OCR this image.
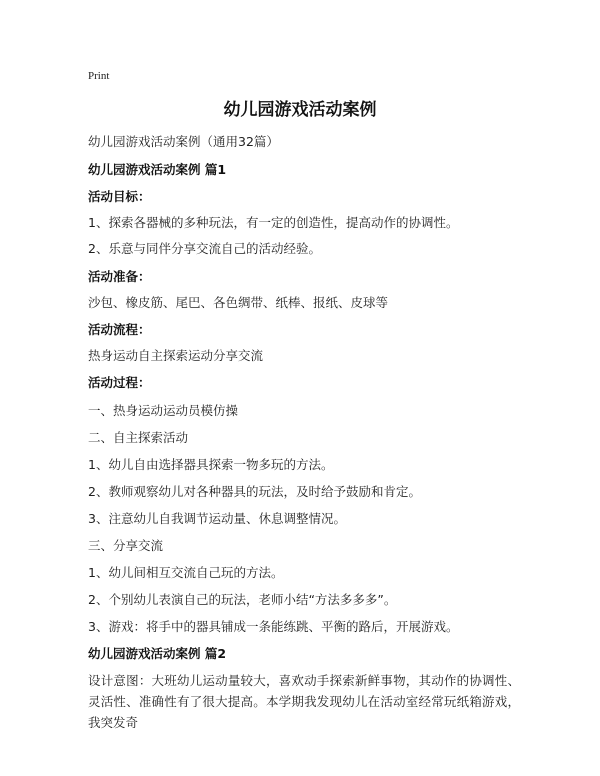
Print
幼儿园游戏活动案例
幼儿园游戏活动案例（通用32篇）
幼儿园游戏活动案例 篇1
活动目标：
1、探索各器械的多种玩法，有一定的创造性，提高动作的协调性。
2、乐意与同伴分享交流自己的活动经验。
活动准备：
沙包、橡皮筋、尾巴、各色绸带、纸棒、报纸、皮球等
活动流程：
热身运动自主探索运动分享交流
活动过程：
一、热身运动运动员模仿操
二、自主探索活动
1、幼儿自由选择器具探索一物多玩的方法。
2、教师观察幼儿对各种器具的玩法，及时给予鼓励和肯定。
3、注意幼儿自我调节运动量、休息调整情况。
三、分享交流
1、幼儿间相互交流自己玩的方法。
2、个别幼儿表演自己的玩法，老师小结“方法多多多”。
3、游戏：将手中的器具铺成一条能练跳、平衡的路后，开展游戏。
幼儿园游戏活动案例 篇2
设计意图：大班幼儿运动量较大，喜欢动手探索新鲜事物，其动作的协调性、灵活性、准确性有了很大提高。本学期我发现幼儿在活动室经常玩纸箱游戏，我突发奇
